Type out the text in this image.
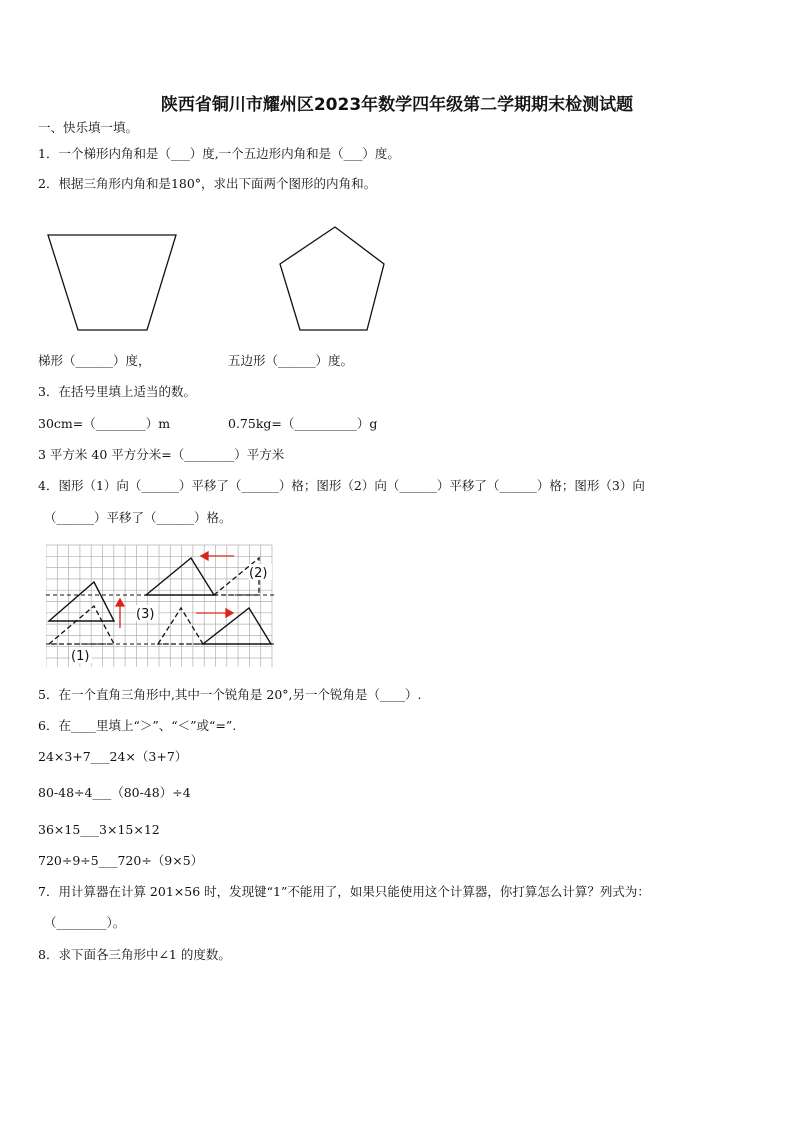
陕西省铜川市耀州区2023年数学四年级第二学期期末检测试题
一、快乐填一填。
1．一个梯形内角和是（___）度,一个五边形内角和是（___）度。
2．根据三角形内角和是180°，求出下面两个图形的内角和。
梯形（______）度，	五边形（______）度。
3．在括号里填上适当的数。
30cm=（________）m	0.75kg=（__________）g
3 平方米 40 平方分米=（________）平方米
4．图形（1）向（______）平移了（______）格；图形（2）向（______）平移了（______）格；图形（3）向
（______）平移了（______）格。
(1)
(2)
(3)
5．在一个直角三角形中,其中一个锐角是 20°,另一个锐角是（____）.
6．在____里填上“＞”、“＜”或“=”.
24×3+7___24×（3+7）
80-48÷4___（80-48）÷4
36×15___3×15×12
720÷9÷5___720÷（9×5）
7．用计算器在计算 201×56 时，发现键“1”不能用了，如果只能使用这个计算器，你打算怎么计算？列式为：
（________）。
8．求下面各三角形中∠1 的度数。
